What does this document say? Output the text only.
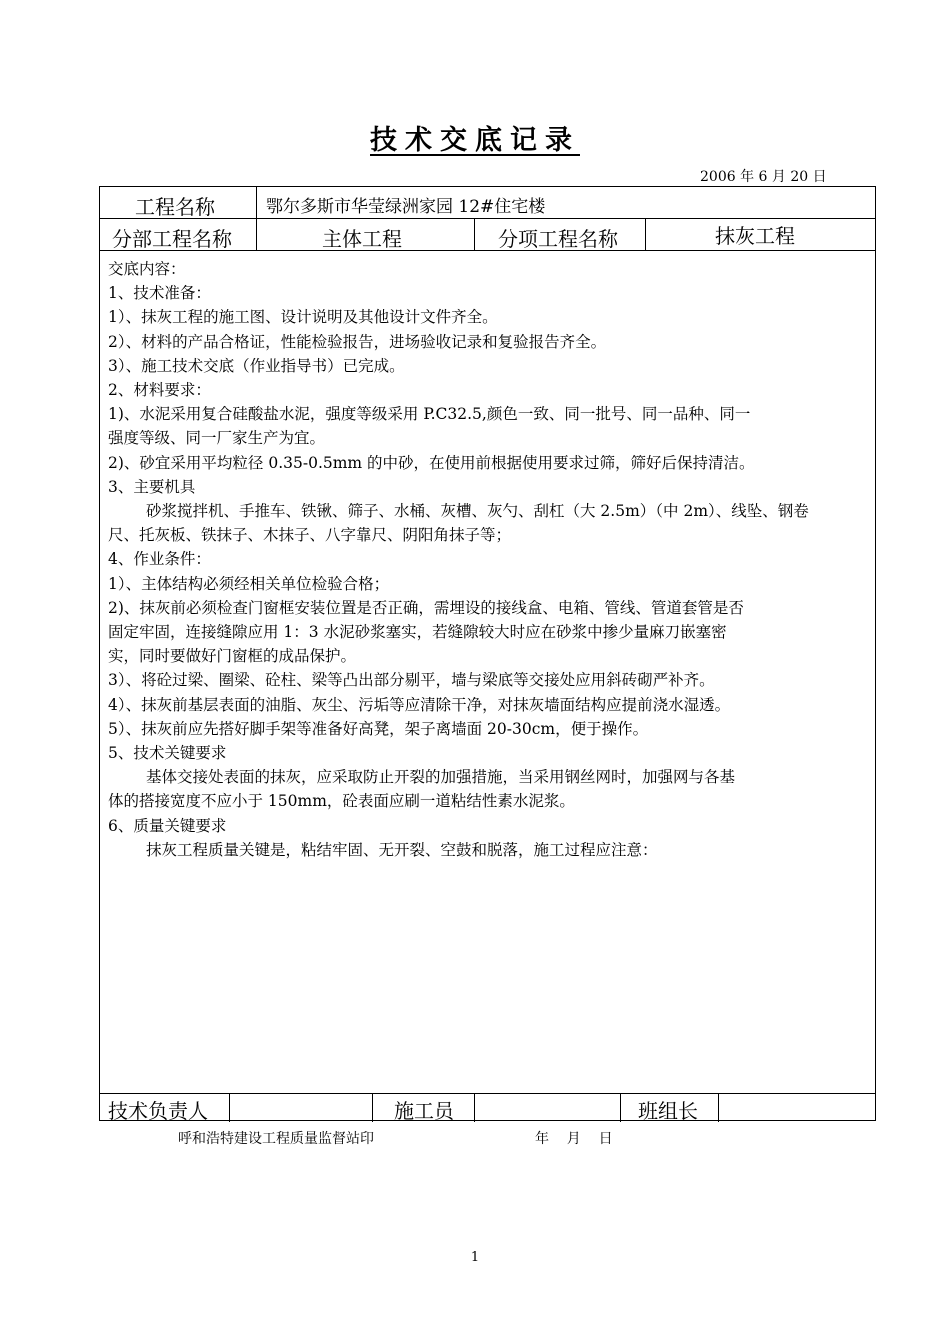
技术交底记录
2006 年 6 月 20 日
工程名称	鄂尔多斯市华莹绿洲家园 12#住宅楼
分部工程名称	主体工程	分项工程名称	抹灰工程
交底内容：
1、技术准备：
1）、抹灰工程的施工图、设计说明及其他设计文件齐全。
2）、材料的产品合格证，性能检验报告，进场验收记录和复验报告齐全。
3）、施工技术交底（作业指导书）已完成。
2、材料要求：
1)、水泥采用复合硅酸盐水泥，强度等级采用 P.C32.5,颜色一致、同一批号、同一品种、同一
强度等级、同一厂家生产为宜。
2)、砂宜采用平均粒径 0.35-0.5mm 的中砂，在使用前根据使用要求过筛，筛好后保持清洁。
3、主要机具
砂浆搅拌机、手推车、铁锹、筛子、水桶、灰槽、灰勺、刮杠（大 2.5m）（中 2m）、线坠、钢卷
尺、托灰板、铁抹子、木抹子、八字靠尺、阴阳角抹子等；
4、作业条件：
1）、主体结构必须经相关单位检验合格；
2)、抹灰前必须检查门窗框安装位置是否正确，需埋设的接线盒、电箱、管线、管道套管是否
固定牢固，连接缝隙应用 1：3 水泥砂浆塞实，若缝隙较大时应在砂浆中掺少量麻刀嵌塞密
实，同时要做好门窗框的成品保护。
3）、将砼过梁、圈梁、砼柱、梁等凸出部分剔平，墙与梁底等交接处应用斜砖砌严补齐。
4）、抹灰前基层表面的油脂、灰尘、污垢等应清除干净，对抹灰墙面结构应提前浇水湿透。
5）、抹灰前应先搭好脚手架等准备好高凳，架子离墙面 20-30cm，便于操作。
5、技术关键要求
基体交接处表面的抹灰，应采取防止开裂的加强措施，当采用钢丝网时，加强网与各基
体的搭接宽度不应小于 150mm，砼表面应刷一道粘结性素水泥浆。
6、质量关键要求
抹灰工程质量关键是，粘结牢固、无开裂、空鼓和脱落，施工过程应注意：
技术负责人	施工员	班组长
呼和浩特建设工程质量监督站印	年    月    日
1
